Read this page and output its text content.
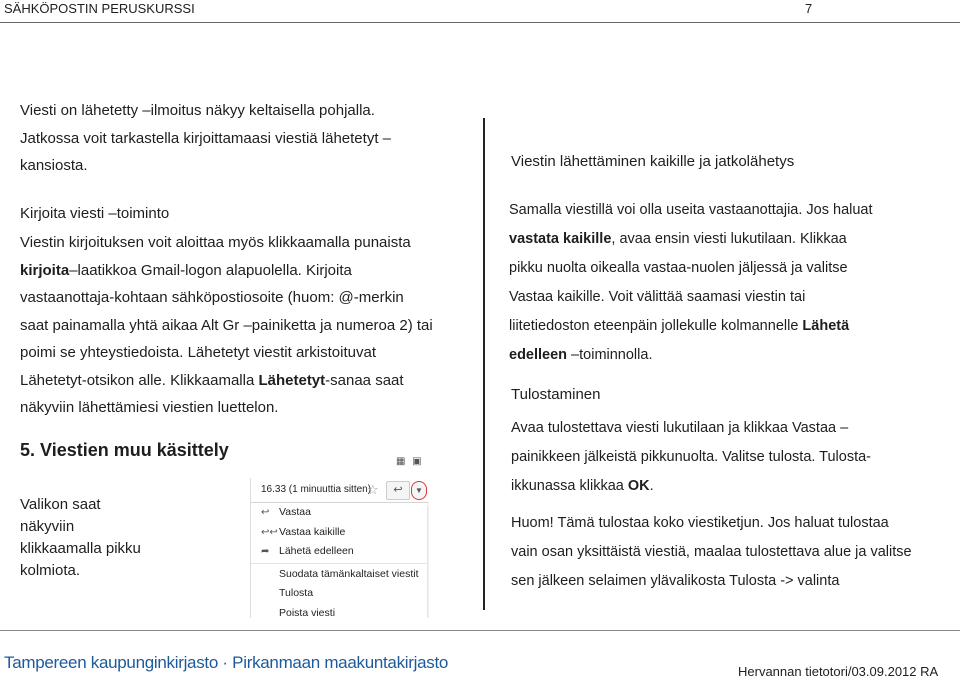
SÄHKÖPOSTIN PERUSKURSSI	7
Viesti on lähetetty –ilmoitus näkyy keltaisella pohjalla.
Jatkossa voit tarkastella kirjoittamaasi viestiä lähetetyt –
kansiosta.
Kirjoita viesti –toiminto
Viestin kirjoituksen voit aloittaa myös klikkaamalla punaista
kirjoita–laatikkoa Gmail-logon alapuolella. Kirjoita
vastaanottaja-kohtaan sähköpostiosoite (huom: @-merkin
saat painamalla yhtä aikaa Alt Gr –painiketta ja numeroa 2) tai
poimi se yhteystiedoista. Lähetetyt viestit arkistoituvat
Lähetetyt-otsikon alle. Klikkaamalla Lähetetyt-sanaa saat
näkyviin lähettämiesi viestien luettelon.
5. Viestien muu käsittely
Valikon saat
näkyviin
klikkaamalla pikku
kolmiota.
▦ ▣
16.33 (1 minuuttia sitten)
☆	↩	▼
↩ Vastaa
↩↩Vastaa kaikille
➦ Lähetä edelleen
Suodata tämänkaltaiset viestit
Tulosta
Poista viesti
Viestin lähettäminen kaikille ja jatkolähetys
Samalla viestillä voi olla useita vastaanottajia. Jos haluat
vastata kaikille, avaa ensin viesti lukutilaan. Klikkaa
pikku nuolta oikealla vastaa-nuolen jäljessä ja valitse
Vastaa kaikille. Voit välittää saamasi viestin tai
liitetiedoston eteenpäin jollekulle kolmannelle Lähetä
edelleen –toiminnolla.
Tulostaminen
Avaa tulostettava viesti lukutilaan ja klikkaa Vastaa –
painikkeen jälkeistä pikkunuolta. Valitse tulosta. Tulosta-
ikkunassa klikkaa OK.
Huom! Tämä tulostaa koko viestiketjun. Jos haluat tulostaa
vain osan yksittäistä viestiä, maalaa tulostettava alue ja valitse
sen jälkeen selaimen ylävalikosta Tulosta -> valinta
Tampereen kaupunginkirjasto · Pirkanmaan maakuntakirjasto	Hervannan tietotori/03.09.2012 RA
